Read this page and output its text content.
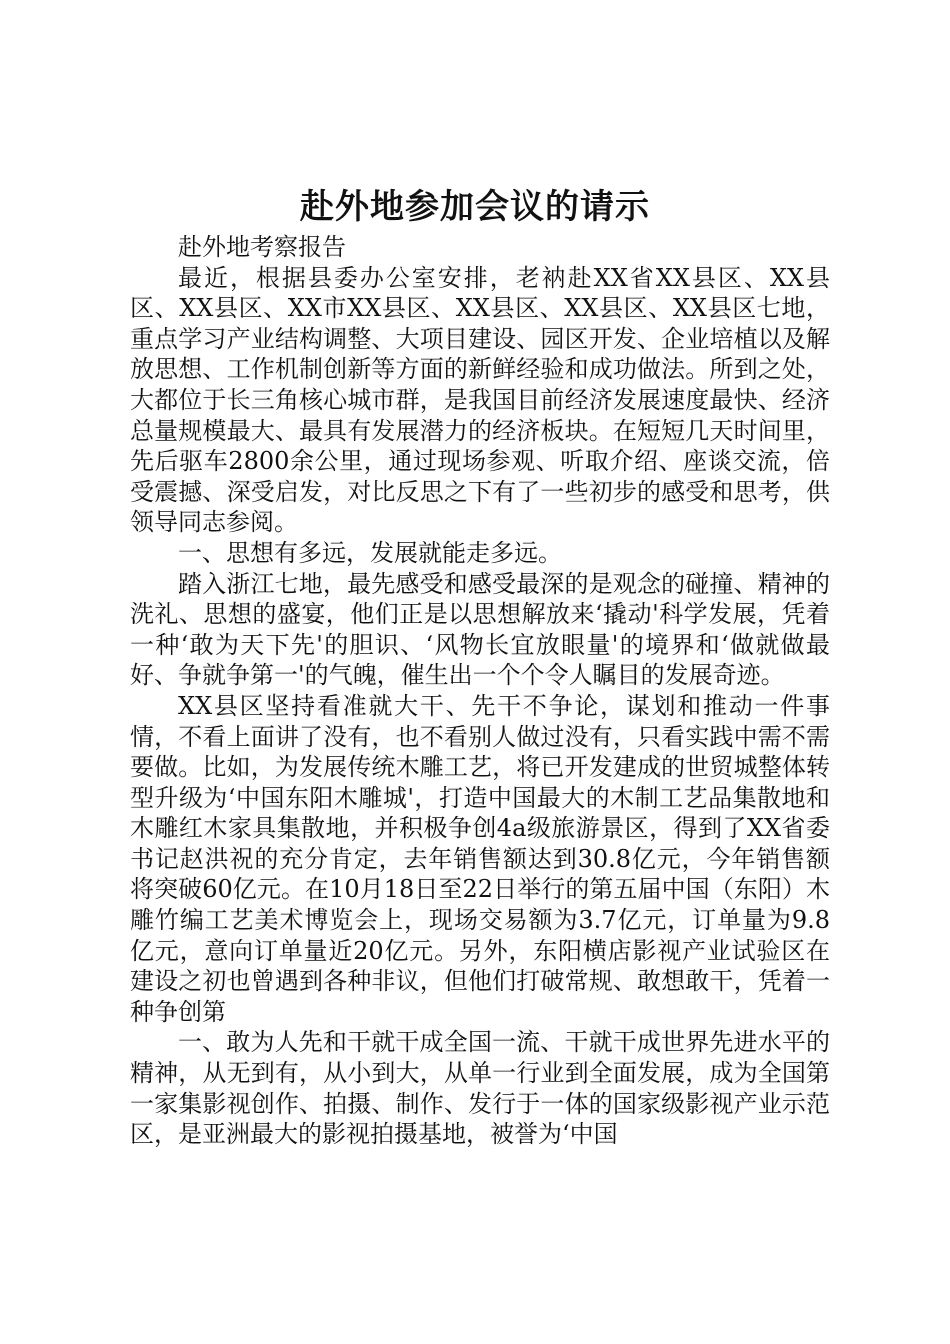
赴外地参加会议的请示

赴外地考察报告

最近，根据县委办公室安排，老衲赴XX省XX县区、XX县区、XX县区、XX市XX县区、XX县区、XX县区、XX县区七地，重点学习产业结构调整、大项目建设、园区开发、企业培植以及解放思想、工作机制创新等方面的新鲜经验和成功做法。所到之处，大都位于长三角核心城市群，是我国目前经济发展速度最快、经济总量规模最大、最具有发展潜力的经济板块。在短短几天时间里，先后驱车2800余公里，通过现场参观、听取介绍、座谈交流，倍受震撼、深受启发，对比反思之下有了一些初步的感受和思考，供领导同志参阅。

一、思想有多远，发展就能走多远。

踏入浙江七地，最先感受和感受最深的是观念的碰撞、精神的洗礼、思想的盛宴，他们正是以思想解放来‘撬动'科学发展，凭着一种‘敢为天下先'的胆识、‘风物长宜放眼量'的境界和‘做就做最好、争就争第一'的气魄，催生出一个个令人瞩目的发展奇迹。

XX县区坚持看准就大干、先干不争论，谋划和推动一件事情，不看上面讲了没有，也不看别人做过没有，只看实践中需不需要做。比如，为发展传统木雕工艺，将已开发建成的世贸城整体转型升级为‘中国东阳木雕城'，打造中国最大的木制工艺品集散地和木雕红木家具集散地，并积极争创4a级旅游景区，得到了XX省委书记赵洪祝的充分肯定，去年销售额达到30.8亿元，今年销售额将突破60亿元。在10月18日至22日举行的第五届中国（东阳）木雕竹编工艺美术博览会上，现场交易额为3.7亿元，订单量为9.8亿元，意向订单量近20亿元。另外，东阳横店影视产业试验区在建设之初也曾遇到各种非议，但他们打破常规、敢想敢干，凭着一种争创第

一、敢为人先和干就干成全国一流、干就干成世界先进水平的精神，从无到有，从小到大，从单一行业到全面发展，成为全国第一家集影视创作、拍摄、制作、发行于一体的国家级影视产业示范区，是亚洲最大的影视拍摄基地，被誉为‘中国
